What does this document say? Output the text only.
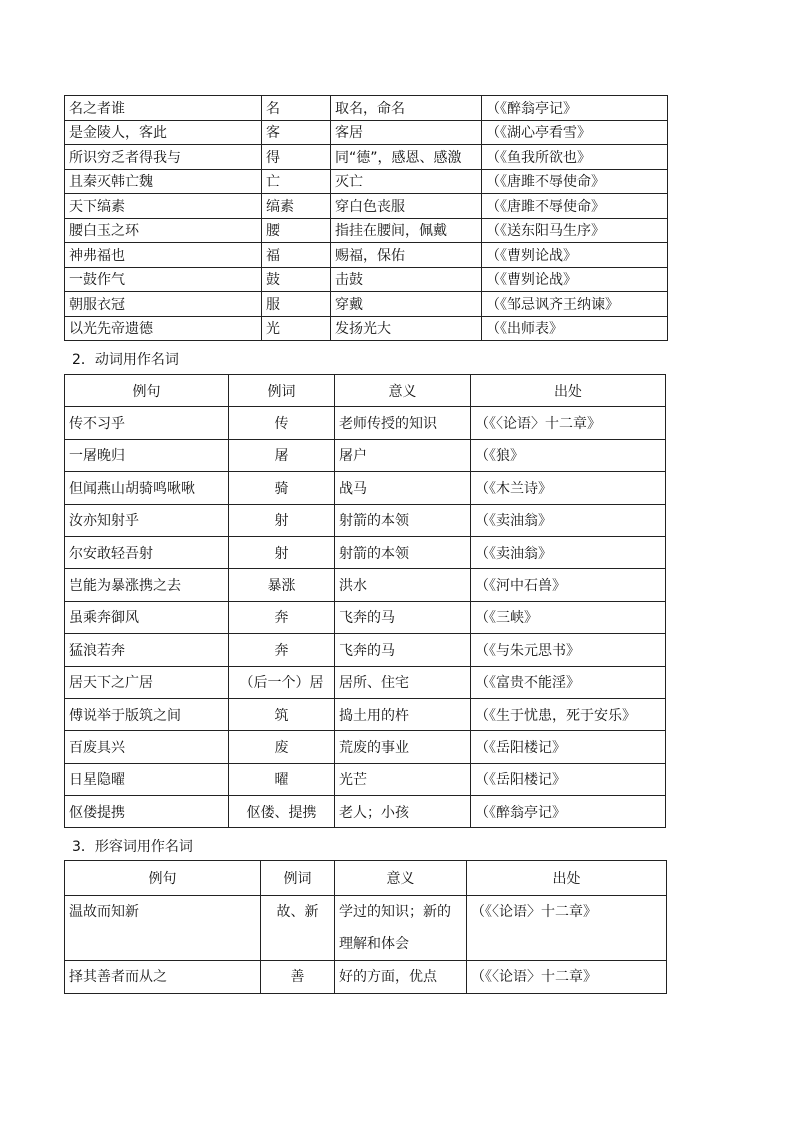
名之者谁	名	取名，命名	（《醉翁亭记》
是金陵人，客此	客	客居	（《湖心亭看雪》
所识穷乏者得我与	得	同“德”，感恩、感激	（《鱼我所欲也》
且秦灭韩亡魏	亡	灭亡	（《唐雎不辱使命》
天下缟素	缟素	穿白色丧服	（《唐雎不辱使命》
腰白玉之环	腰	指挂在腰间，佩戴	（《送东阳马生序》
神弗福也	福	赐福，保佑	（《曹刿论战》
一鼓作气	鼓	击鼓	（《曹刿论战》
朝服衣冠	服	穿戴	（《邹忌讽齐王纳谏》
以光先帝遗德	光	发扬光大	（《出师表》
2．动词用作名词
例句	例词	意义	出处
传不习乎	传	老师传授的知识	（《〈论语〉十二章》
一屠晚归	屠	屠户	（《狼》
但闻燕山胡骑鸣啾啾	骑	战马	（《木兰诗》
汝亦知射乎	射	射箭的本领	（《卖油翁》
尔安敢轻吾射	射	射箭的本领	（《卖油翁》
岂能为暴涨携之去	暴涨	洪水	（《河中石兽》
虽乘奔御风	奔	飞奔的马	（《三峡》
猛浪若奔	奔	飞奔的马	（《与朱元思书》
居天下之广居	（后一个）居	居所、住宅	（《富贵不能淫》
傅说举于版筑之间	筑	捣土用的杵	（《生于忧患，死于安乐》
百废具兴	废	荒废的事业	（《岳阳楼记》
日星隐曜	曜	光芒	（《岳阳楼记》
伛偻提携	伛偻、提携	老人；小孩	（《醉翁亭记》
3．形容词用作名词
例句	例词	意义	出处
温故而知新	故、新	学过的知识；新的理解和体会	（《〈论语〉十二章》
择其善者而从之	善	好的方面，优点	（《〈论语〉十二章》
